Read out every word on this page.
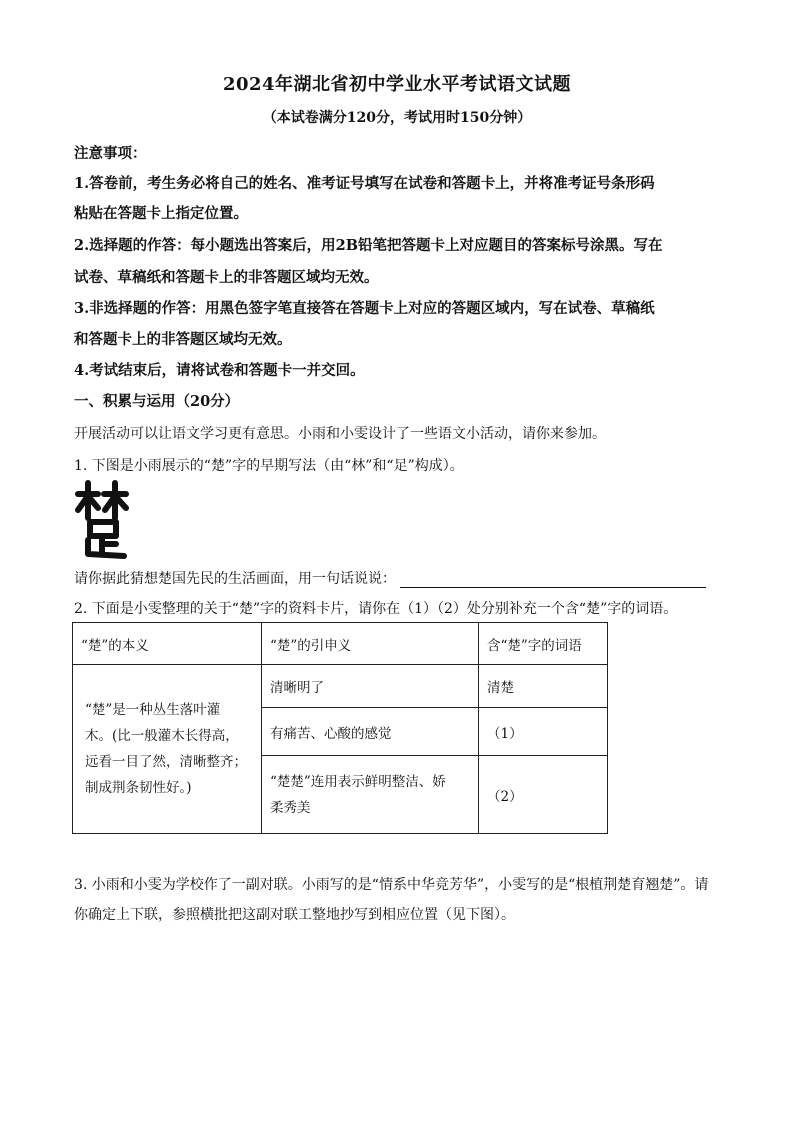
2024年湖北省初中学业水平考试语文试题
（本试卷满分120分，考试用时150分钟）
注意事项：
1.答卷前，考生务必将自己的姓名、准考证号填写在试卷和答题卡上，并将准考证号条形码
粘贴在答题卡上指定位置。
2.选择题的作答：每小题选出答案后，用2B铅笔把答题卡上对应题目的答案标号涂黑。写在
试卷、草稿纸和答题卡上的非答题区域均无效。
3.非选择题的作答：用黑色签字笔直接答在答题卡上对应的答题区域内，写在试卷、草稿纸
和答题卡上的非答题区域均无效。
4.考试结束后，请将试卷和答题卡一并交回。
一、积累与运用（20分）
开展活动可以让语文学习更有意思。小雨和小雯设计了一些语文小活动，请你来参加。
1. 下图是小雨展示的“楚”字的早期写法（由“林”和“足”构成）。
请你据此猜想楚国先民的生活画面，用一句话说说：
2. 下面是小雯整理的关于“楚”字的资料卡片，请你在（1）（2）处分别补充一个含“楚”字的词语。
“楚”的本义	“楚”的引申义	含“楚”字的词语

“楚”是一种丛生落叶灌
木。(比一般灌木长得高，
远看一目了然，清晰整齐；
制成荆条韧性好。)	清晰明了	清楚
	有痛苦、心酸的感觉	（1）

	“楚楚”连用表示鲜明整洁、娇
柔秀美	（2）
3. 小雨和小雯为学校作了一副对联。小雨写的是“情系中华竞芳华”，小雯写的是“根植荆楚育翘楚”。请
你确定上下联，参照横批把这副对联工整地抄写到相应位置（见下图）。
